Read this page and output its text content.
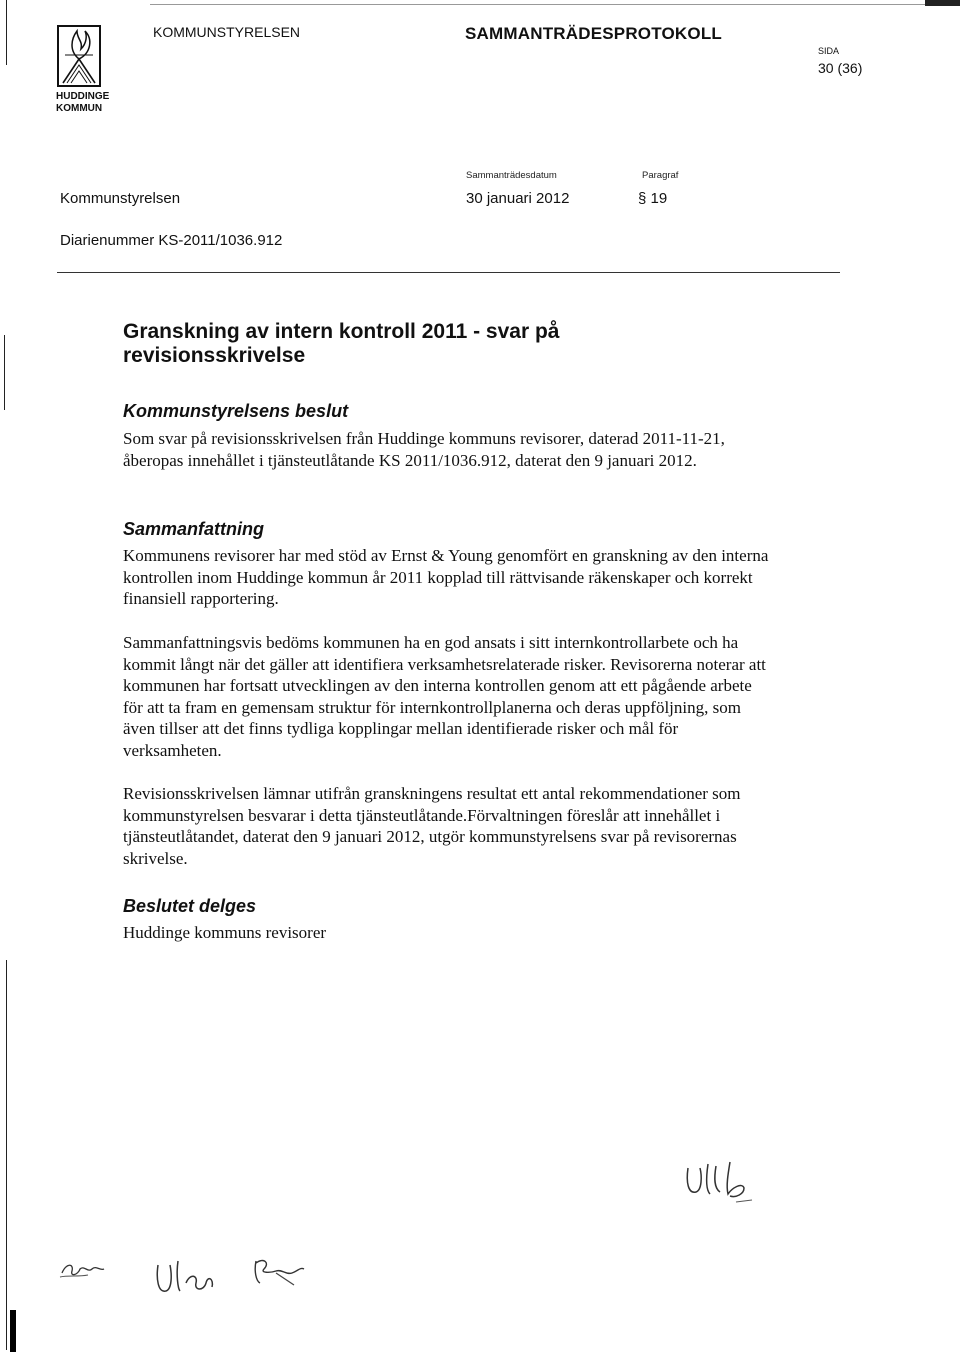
HUDDINGE
KOMMUN
KOMMUNSTYRELSEN	SAMMANTRÄDESPROTOKOLL
SIDA
30 (36)
Sammanträdesdatum	Paragraf
Kommunstyrelsen	30 januari 2012	§ 19
Diarienummer KS-2011/1036.912
Granskning av intern kontroll 2011 - svar på revisionsskrivelse
Kommunstyrelsens beslut

Som svar på revisionsskrivelsen från Huddinge kommuns revisorer, daterad 2011-11-21, åberopas innehållet i tjänsteutlåtande KS 2011/1036.912, daterat den 9 januari 2012.

Sammanfattning

Kommunens revisorer har med stöd av Ernst & Young genomfört en granskning av den interna kontrollen inom Huddinge kommun år 2011 kopplad till rättvisande räkenskaper och korrekt finansiell rapportering.

Sammanfattningsvis bedöms kommunen ha en god ansats i sitt internkontrollarbete och ha kommit långt när det gäller att identifiera verksamhetsrelaterade risker. Revisorerna noterar att kommunen har fortsatt utvecklingen av den interna kontrollen genom att ett pågående arbete för att ta fram en gemensam struktur för internkontrollplanerna och deras uppföljning, som även tillser att det finns tydliga kopplingar mellan identifierade risker och mål för verksamheten.

Revisionsskrivelsen lämnar utifrån granskningens resultat ett antal rekommendationer som kommunstyrelsen besvarar i detta tjänsteutlåtande.Förvaltningen föreslår att innehållet i tjänsteutlåtandet, daterat den 9 januari 2012, utgör kommunstyrelsens svar på revisorernas skrivelse.

Beslutet delges

Huddinge kommuns revisorer
